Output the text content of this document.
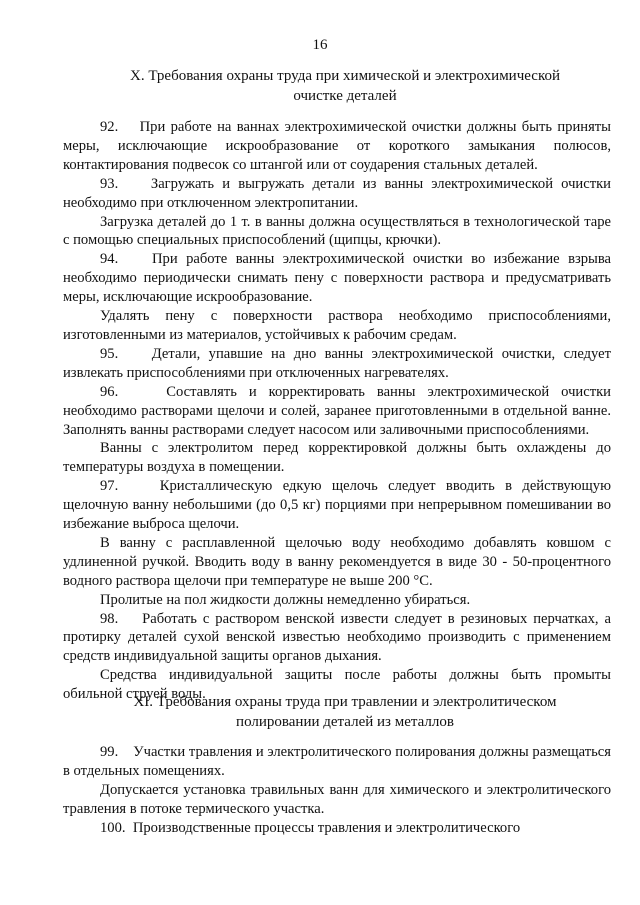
16
X. Требования охраны труда при химической и электрохимической
очистке деталей

92.    При работе на ваннах электрохимической очистки должны быть приняты меры, исключающие искрообразование от короткого замыкания полюсов, контактирования подвесок со штангой или от соударения стальных деталей.

93.    Загружать и выгружать детали из ванны электрохимической очистки необходимо при отключенном электропитании.

Загрузка деталей до 1 т. в ванны должна осуществляться в технологической таре с помощью специальных приспособлений (щипцы, крючки).

94.    При работе ванны электрохимической очистки во избежание взрыва необходимо периодически снимать пену с поверхности раствора и предусматривать меры, исключающие искрообразование.

Удалять пену с поверхности раствора необходимо приспособлениями, изготовленными из материалов, устойчивых к рабочим средам.

95.    Детали, упавшие на дно ванны электрохимической очистки, следует извлекать приспособлениями при отключенных нагревателях.

96.    Составлять и корректировать ванны электрохимической очистки необходимо растворами щелочи и солей, заранее приготовленными в отдельной ванне. Заполнять ванны растворами следует насосом или заливочными приспособлениями.

Ванны с электролитом перед корректировкой должны быть охлаждены до температуры воздуха в помещении.

97.    Кристаллическую едкую щелочь следует вводить в действующую щелочную ванну небольшими (до 0,5 кг) порциями при непрерывном помешивании во избежание выброса щелочи.

В ванну с расплавленной щелочью воду необходимо добавлять ковшом с удлиненной ручкой. Вводить воду в ванну рекомендуется в виде 30 - 50-процентного водного раствора щелочи при температуре не выше 200 °С.

Пролитые на пол жидкости должны немедленно убираться.

98.    Работать с раствором венской извести следует в резиновых перчатках, а протирку деталей сухой венской известью необходимо производить с применением средств индивидуальной защиты органов дыхания.

Средства индивидуальной защиты после работы должны быть промыты обильной струей воды.

XI. Требования охраны труда при травлении и электролитическом
полировании деталей из металлов

99.    Участки травления и электролитического полирования должны размещаться в отдельных помещениях.

Допускается установка травильных ванн для химического и электролитического травления в потоке термического участка.

100.  Производственные процессы травления и электролитического
